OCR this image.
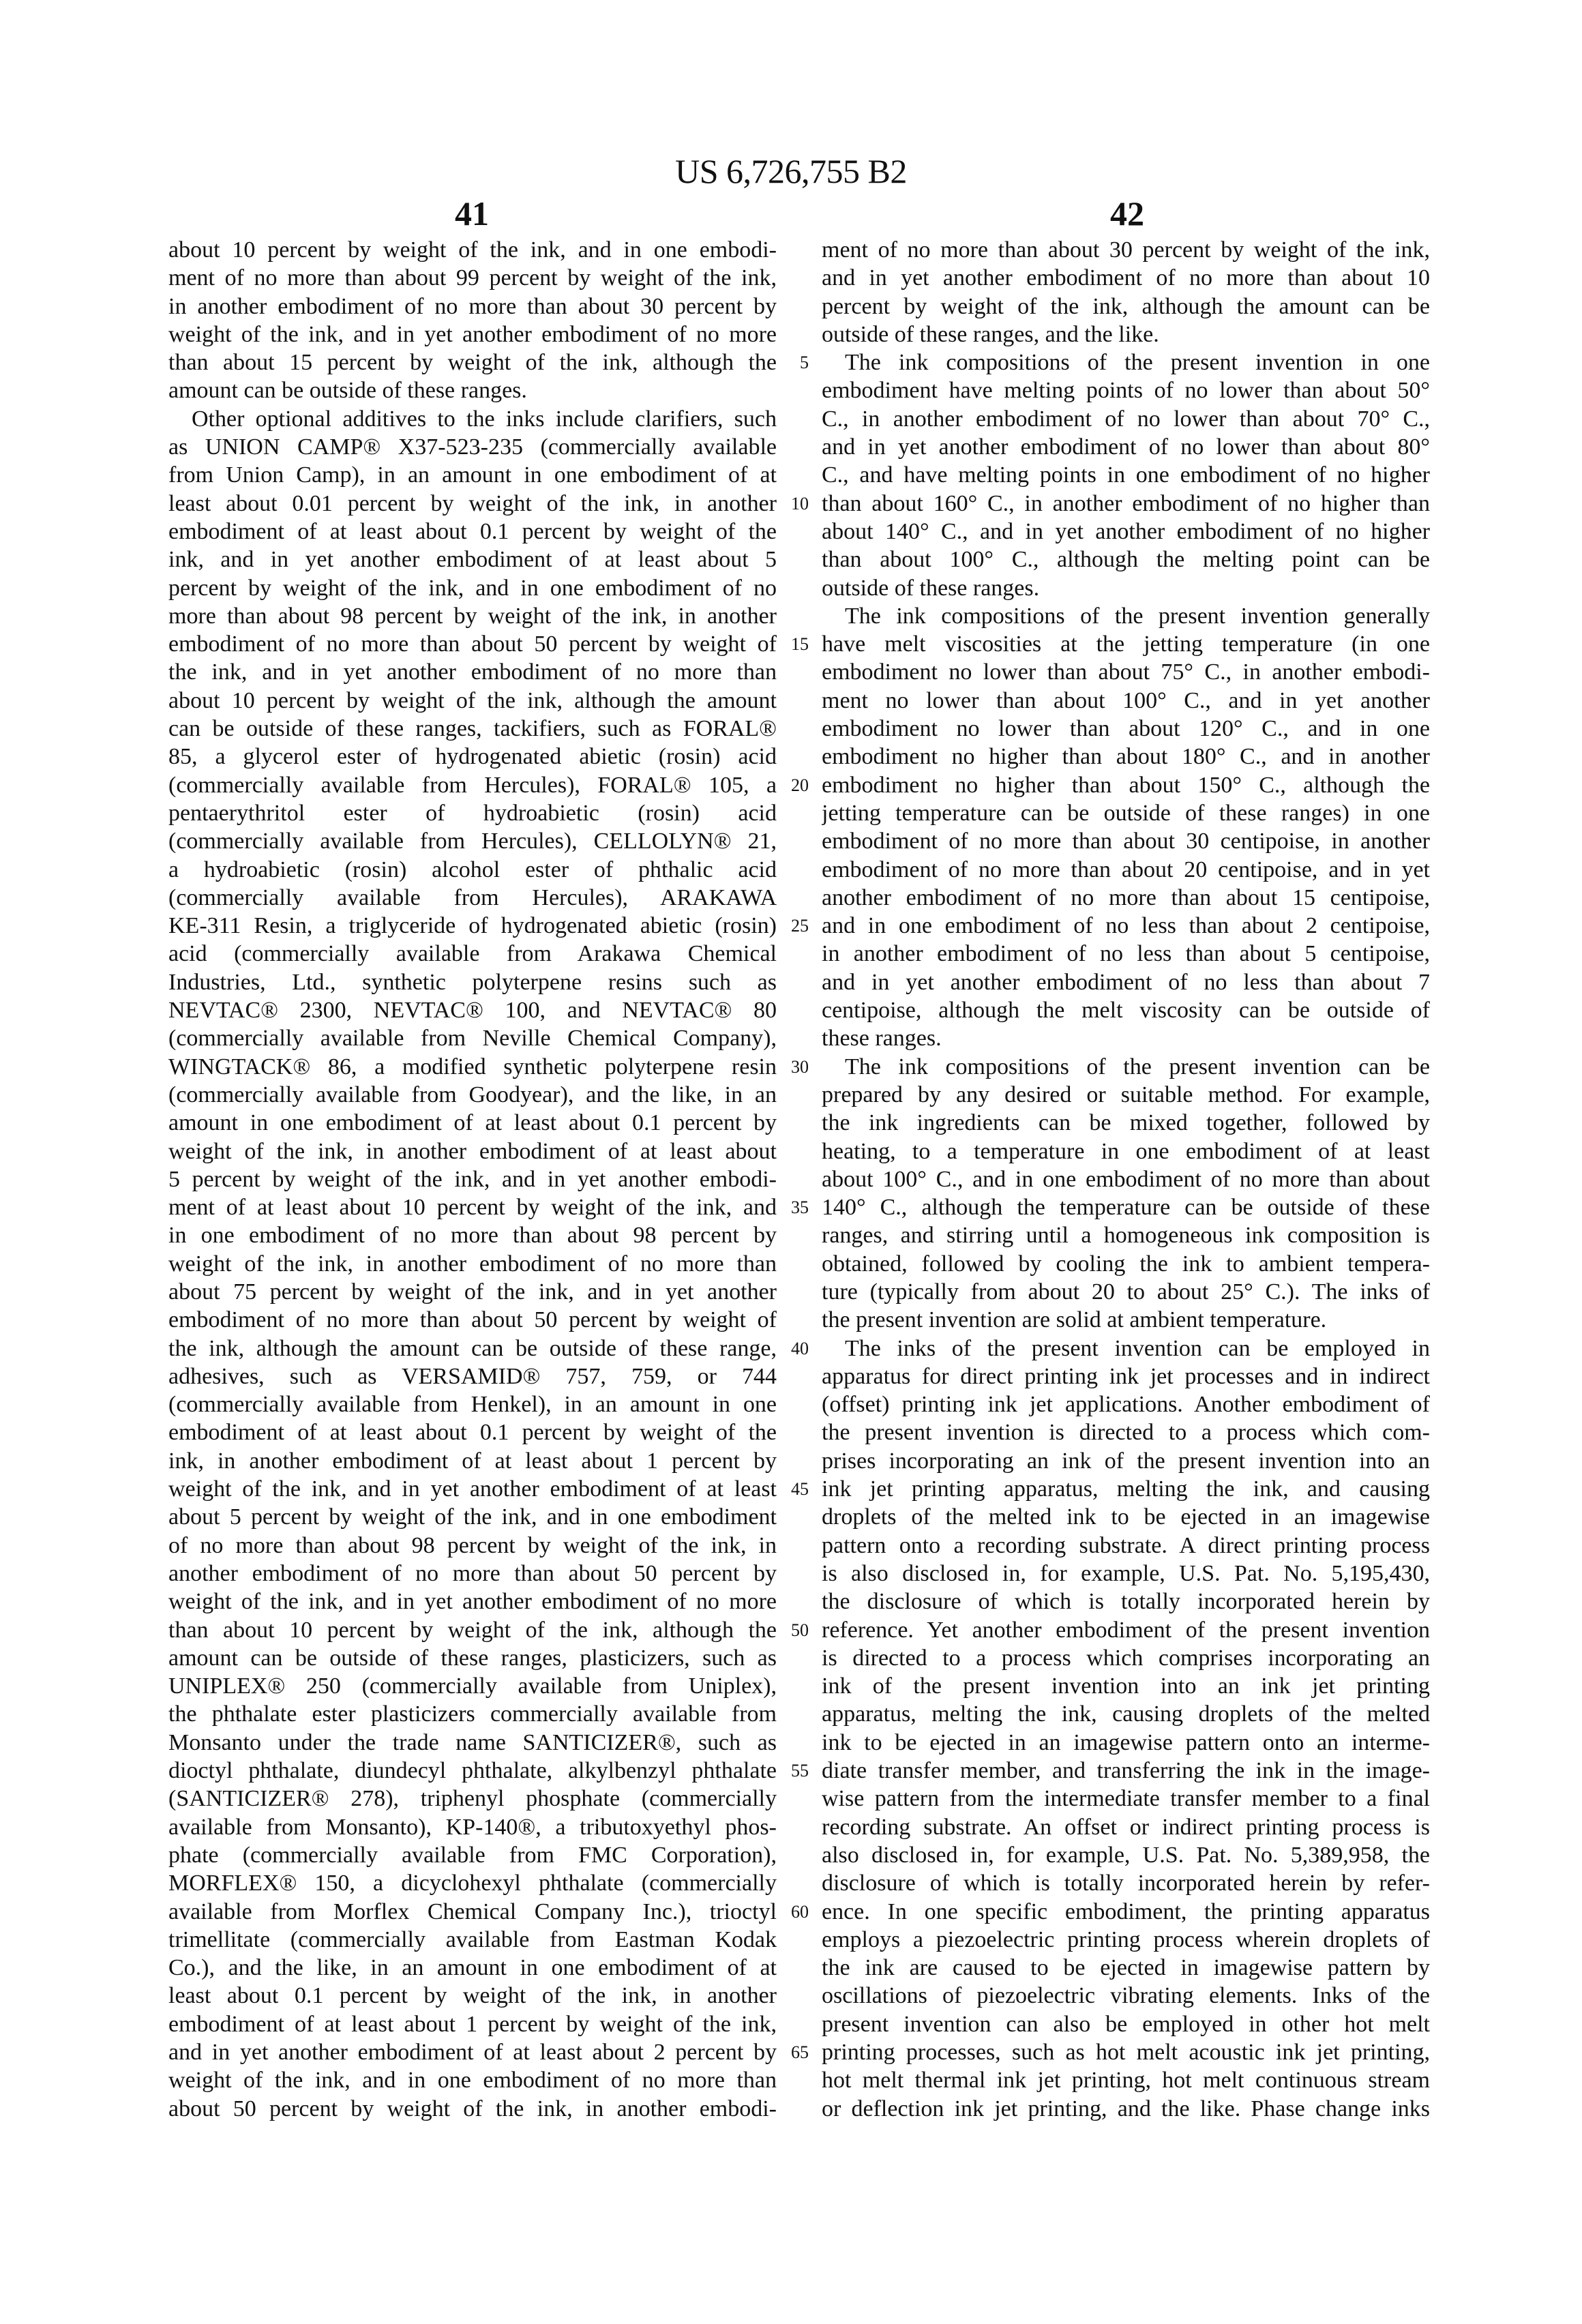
US 6,726,755 B2
41	42
about 10 percent by weight of the ink, and in one embodi-
ment of no more than about 99 percent by weight of the ink,
in another embodiment of no more than about 30 percent by
weight of the ink, and in yet another embodiment of no more
than about 15 percent by weight of the ink, although the
amount can be outside of these ranges.
Other optional additives to the inks include clarifiers, such
as UNION CAMP® X37-523-235 (commercially available
from Union Camp), in an amount in one embodiment of at
least about 0.01 percent by weight of the ink, in another
embodiment of at least about 0.1 percent by weight of the
ink, and in yet another embodiment of at least about 5
percent by weight of the ink, and in one embodiment of no
more than about 98 percent by weight of the ink, in another
embodiment of no more than about 50 percent by weight of
the ink, and in yet another embodiment of no more than
about 10 percent by weight of the ink, although the amount
can be outside of these ranges, tackifiers, such as FORAL®
85, a glycerol ester of hydrogenated abietic (rosin) acid
(commercially available from Hercules), FORAL® 105, a
pentaerythritol ester of hydroabietic (rosin) acid
(commercially available from Hercules), CELLOLYN® 21,
a hydroabietic (rosin) alcohol ester of phthalic acid
(commercially available from Hercules), ARAKAWA
KE-311 Resin, a triglyceride of hydrogenated abietic (rosin)
acid (commercially available from Arakawa Chemical
Industries, Ltd., synthetic polyterpene resins such as
NEVTAC® 2300, NEVTAC® 100, and NEVTAC® 80
(commercially available from Neville Chemical Company),
WINGTACK® 86, a modified synthetic polyterpene resin
(commercially available from Goodyear), and the like, in an
amount in one embodiment of at least about 0.1 percent by
weight of the ink, in another embodiment of at least about
5 percent by weight of the ink, and in yet another embodi-
ment of at least about 10 percent by weight of the ink, and
in one embodiment of no more than about 98 percent by
weight of the ink, in another embodiment of no more than
about 75 percent by weight of the ink, and in yet another
embodiment of no more than about 50 percent by weight of
the ink, although the amount can be outside of these range,
adhesives, such as VERSAMID® 757, 759, or 744
(commercially available from Henkel), in an amount in one
embodiment of at least about 0.1 percent by weight of the
ink, in another embodiment of at least about 1 percent by
weight of the ink, and in yet another embodiment of at least
about 5 percent by weight of the ink, and in one embodiment
of no more than about 98 percent by weight of the ink, in
another embodiment of no more than about 50 percent by
weight of the ink, and in yet another embodiment of no more
than about 10 percent by weight of the ink, although the
amount can be outside of these ranges, plasticizers, such as
UNIPLEX® 250 (commercially available from Uniplex),
the phthalate ester plasticizers commercially available from
Monsanto under the trade name SANTICIZER®, such as
dioctyl phthalate, diundecyl phthalate, alkylbenzyl phthalate
(SANTICIZER® 278), triphenyl phosphate (commercially
available from Monsanto), KP-140®, a tributoxyethyl phos-
phate (commercially available from FMC Corporation),
MORFLEX® 150, a dicyclohexyl phthalate (commercially
available from Morflex Chemical Company Inc.), trioctyl
trimellitate (commercially available from Eastman Kodak
Co.), and the like, in an amount in one embodiment of at
least about 0.1 percent by weight of the ink, in another
embodiment of at least about 1 percent by weight of the ink,
and in yet another embodiment of at least about 2 percent by
weight of the ink, and in one embodiment of no more than
about 50 percent by weight of the ink, in another embodi-
5
10
15
20
25
30
35
40
45
50
55
60
65
ment of no more than about 30 percent by weight of the ink,
and in yet another embodiment of no more than about 10
percent by weight of the ink, although the amount can be
outside of these ranges, and the like.
The ink compositions of the present invention in one
embodiment have melting points of no lower than about 50°
C., in another embodiment of no lower than about 70° C.,
and in yet another embodiment of no lower than about 80°
C., and have melting points in one embodiment of no higher
than about 160° C., in another embodiment of no higher than
about 140° C., and in yet another embodiment of no higher
than about 100° C., although the melting point can be
outside of these ranges.
The ink compositions of the present invention generally
have melt viscosities at the jetting temperature (in one
embodiment no lower than about 75° C., in another embodi-
ment no lower than about 100° C., and in yet another
embodiment no lower than about 120° C., and in one
embodiment no higher than about 180° C., and in another
embodiment no higher than about 150° C., although the
jetting temperature can be outside of these ranges) in one
embodiment of no more than about 30 centipoise, in another
embodiment of no more than about 20 centipoise, and in yet
another embodiment of no more than about 15 centipoise,
and in one embodiment of no less than about 2 centipoise,
in another embodiment of no less than about 5 centipoise,
and in yet another embodiment of no less than about 7
centipoise, although the melt viscosity can be outside of
these ranges.
The ink compositions of the present invention can be
prepared by any desired or suitable method. For example,
the ink ingredients can be mixed together, followed by
heating, to a temperature in one embodiment of at least
about 100° C., and in one embodiment of no more than about
140° C., although the temperature can be outside of these
ranges, and stirring until a homogeneous ink composition is
obtained, followed by cooling the ink to ambient tempera-
ture (typically from about 20 to about 25° C.). The inks of
the present invention are solid at ambient temperature.
The inks of the present invention can be employed in
apparatus for direct printing ink jet processes and in indirect
(offset) printing ink jet applications. Another embodiment of
the present invention is directed to a process which com-
prises incorporating an ink of the present invention into an
ink jet printing apparatus, melting the ink, and causing
droplets of the melted ink to be ejected in an imagewise
pattern onto a recording substrate. A direct printing process
is also disclosed in, for example, U.S. Pat. No. 5,195,430,
the disclosure of which is totally incorporated herein by
reference. Yet another embodiment of the present invention
is directed to a process which comprises incorporating an
ink of the present invention into an ink jet printing
apparatus, melting the ink, causing droplets of the melted
ink to be ejected in an imagewise pattern onto an interme-
diate transfer member, and transferring the ink in the image-
wise pattern from the intermediate transfer member to a final
recording substrate. An offset or indirect printing process is
also disclosed in, for example, U.S. Pat. No. 5,389,958, the
disclosure of which is totally incorporated herein by refer-
ence. In one specific embodiment, the printing apparatus
employs a piezoelectric printing process wherein droplets of
the ink are caused to be ejected in imagewise pattern by
oscillations of piezoelectric vibrating elements. Inks of the
present invention can also be employed in other hot melt
printing processes, such as hot melt acoustic ink jet printing,
hot melt thermal ink jet printing, hot melt continuous stream
or deflection ink jet printing, and the like. Phase change inks
